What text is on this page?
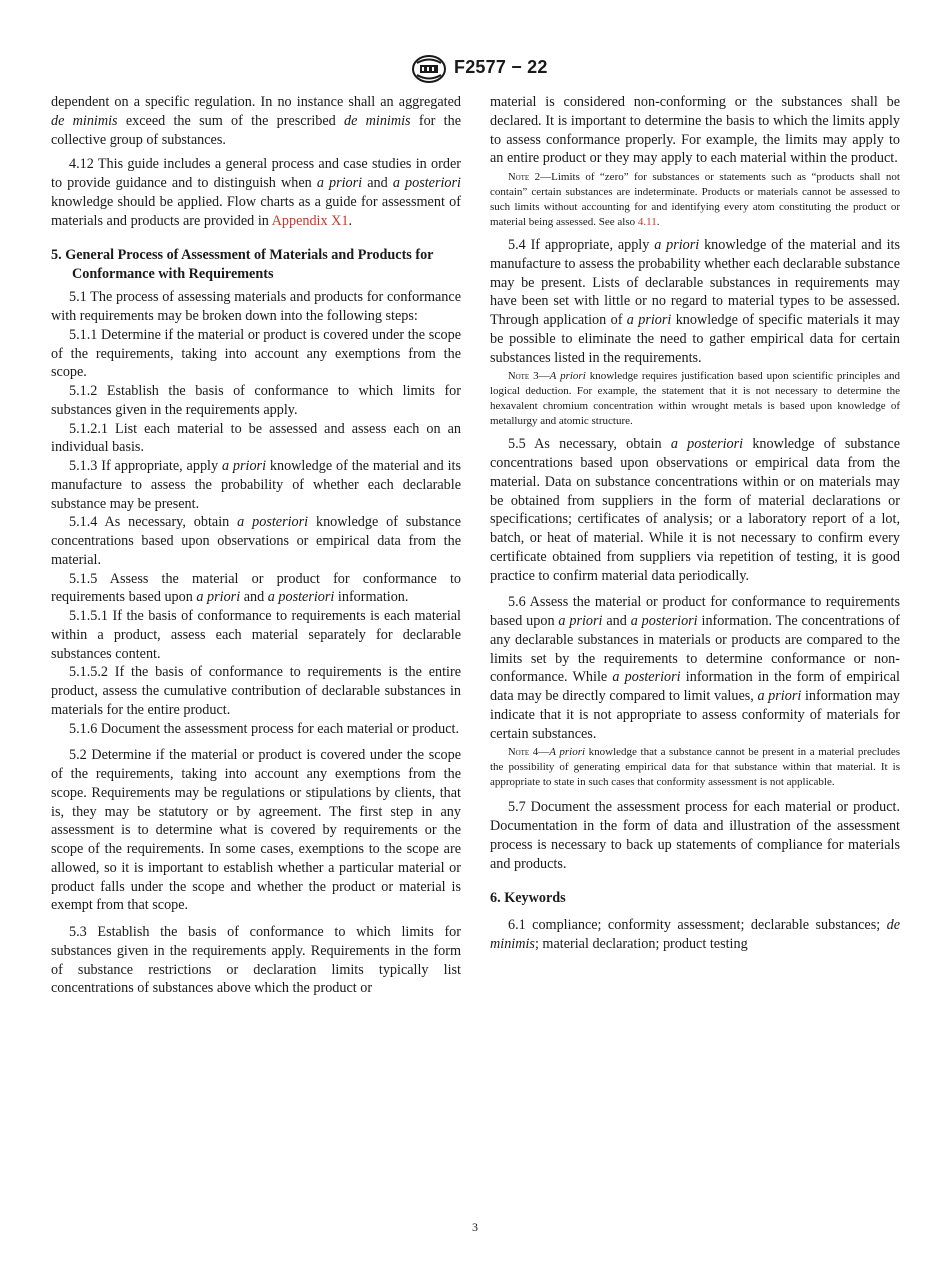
F2577 − 22

dependent on a specific regulation. In no instance shall an aggregated de minimis exceed the sum of the prescribed de minimis for the collective group of substances.

4.12 This guide includes a general process and case studies in order to provide guidance and to distinguish when a priori and a posteriori knowledge should be applied. Flow charts as a guide for assessment of materials and products are provided in Appendix X1.

5. General Process of Assessment of Materials and Products for Conformance with Requirements

5.1 The process of assessing materials and products for conformance with requirements may be broken down into the following steps:

5.1.1 Determine if the material or product is covered under the scope of the requirements, taking into account any exemptions from the scope.

5.1.2 Establish the basis of conformance to which limits for substances given in the requirements apply.

5.1.2.1 List each material to be assessed and assess each on an individual basis.

5.1.3 If appropriate, apply a priori knowledge of the material and its manufacture to assess the probability of whether each declarable substance may be present.

5.1.4 As necessary, obtain a posteriori knowledge of substance concentrations based upon observations or empirical data from the material.

5.1.5 Assess the material or product for conformance to requirements based upon a priori and a posteriori information.

5.1.5.1 If the basis of conformance to requirements is each material within a product, assess each material separately for declarable substances content.

5.1.5.2 If the basis of conformance to requirements is the entire product, assess the cumulative contribution of declarable substances in materials for the entire product.

5.1.6 Document the assessment process for each material or product.

5.2 Determine if the material or product is covered under the scope of the requirements, taking into account any exemptions from the scope. Requirements may be regulations or stipulations by clients, that is, they may be statutory or by agreement. The first step in any assessment is to determine what is covered by requirements or the scope of the requirements. In some cases, exemptions to the scope are allowed, so it is important to establish whether a particular material or product falls under the scope and whether the product or material is exempt from that scope.

5.3 Establish the basis of conformance to which limits for substances given in the requirements apply. Requirements in the form of substance restrictions or declaration limits typically list concentrations of substances above which the product or

material is considered non-conforming or the substances shall be declared. It is important to determine the basis to which the limits apply to assess conformance properly. For example, the limits may apply to an entire product or they may apply to each material within the product.

Note 2—Limits of “zero” for substances or statements such as “products shall not contain” certain substances are indeterminate. Products or materials cannot be assessed to such limits without accounting for and identifying every atom constituting the product or material being assessed. See also 4.11.

5.4 If appropriate, apply a priori knowledge of the material and its manufacture to assess the probability whether each declarable substance may be present. Lists of declarable substances in requirements may have been set with little or no regard to material types to be assessed. Through application of a priori knowledge of specific materials it may be possible to eliminate the need to gather empirical data for certain substances listed in the requirements.

Note 3—A priori knowledge requires justification based upon scientific principles and logical deduction. For example, the statement that it is not necessary to determine the hexavalent chromium concentration within wrought metals is based upon knowledge of metallurgy and atomic structure.

5.5 As necessary, obtain a posteriori knowledge of substance concentrations based upon observations or empirical data from the material. Data on substance concentrations within or on materials may be obtained from suppliers in the form of material declarations or specifications; certificates of analysis; or a laboratory report of a lot, batch, or heat of material. While it is not necessary to confirm every certificate obtained from suppliers via repetition of testing, it is good practice to confirm material data periodically.

5.6 Assess the material or product for conformance to requirements based upon a priori and a posteriori information. The concentrations of any declarable substances in materials or products are compared to the limits set by the requirements to determine conformance or non-conformance. While a posteriori information in the form of empirical data may be directly compared to limit values, a priori information may indicate that it is not appropriate to assess conformity of materials for certain substances.

Note 4—A priori knowledge that a substance cannot be present in a material precludes the possibility of generating empirical data for that substance within that material. It is appropriate to state in such cases that conformity assessment is not applicable.

5.7 Document the assessment process for each material or product. Documentation in the form of data and illustration of the assessment process is necessary to back up statements of compliance for materials and products.

6. Keywords

6.1 compliance; conformity assessment; declarable substances; de minimis; material declaration; product testing

3
